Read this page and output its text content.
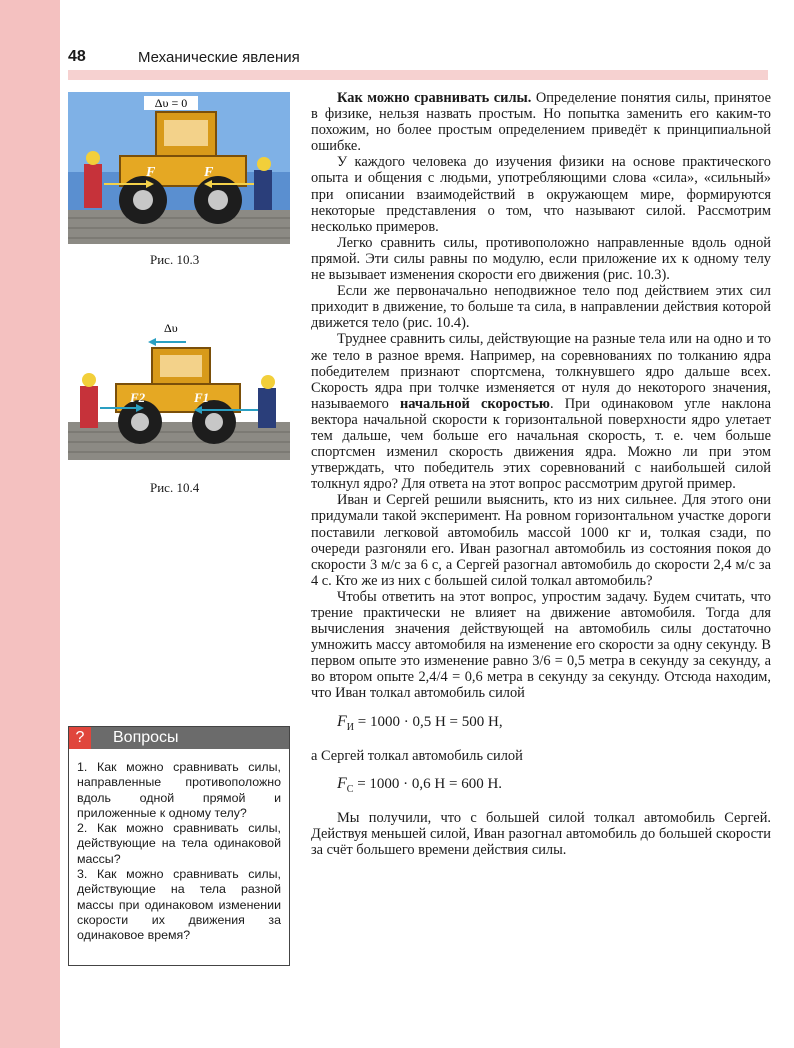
48	Механические явления
Δυ = 0
F	F
Рис. 10.3
Δυ
F2	F1
Рис. 10.4
?	Вопросы

1. Как можно сравнивать силы, направленные противоположно вдоль одной прямой и приложенные к одному телу?

2. Как можно сравнивать силы, действующие на тела одинаковой массы?

3. Как можно сравнивать силы, действующие на тела разной массы при одинаковом изменении скорости их движения за одинаковое время?

Как можно сравнивать силы. Определение понятия силы, принятое в физике, нельзя назвать простым. Но попытка заменить его каким-то похожим, но более простым определением приведёт к принципиальной ошибке.

У каждого человека до изучения физики на основе практического опыта и общения с людьми, употребляющими слова «сила», «сильный» при описании взаимодействий в окружающем мире, формируются некоторые представления о том, что называют силой. Рассмотрим несколько примеров.

Легко сравнить силы, противоположно направленные вдоль одной прямой. Эти силы равны по модулю, если приложение их к одному телу не вызывает изменения скорости его движения (рис. 10.3).

Если же первоначально неподвижное тело под действием этих сил приходит в движение, то больше та сила, в направлении действия которой движется тело (рис. 10.4).

Труднее сравнить силы, действующие на разные тела или на одно и то же тело в разное время. Например, на соревнованиях по толканию ядра победителем признают спортсмена, толкнувшего ядро дальше всех. Скорость ядра при толчке изменяется от нуля до некоторого значения, называемого начальной скоростью. При одинаковом угле наклона вектора начальной скорости к горизонтальной поверхности ядро улетает тем дальше, чем больше его начальная скорость, т. е. чем больше спортсмен изменил скорость движения ядра. Можно ли при этом утверждать, что победитель этих соревнований с наибольшей силой толкнул ядро? Для ответа на этот вопрос рассмотрим другой пример.

Иван и Сергей решили выяснить, кто из них сильнее. Для этого они придумали такой эксперимент. На ровном горизонтальном участке дороги поставили легковой автомобиль массой 1000 кг и, толкая сзади, по очереди разгоняли его. Иван разогнал автомобиль из состояния покоя до скорости 3 м/с за 6 с, а Сергей разогнал автомобиль до скорости 2,4 м/с за 4 с. Кто же из них с большей силой толкал автомобиль?

Чтобы ответить на этот вопрос, упростим задачу. Будем считать, что трение практически не влияет на движение автомобиля. Тогда для вычисления значения действующей на автомобиль силы достаточно умножить массу автомобиля на изменение его скорости за одну секунду. В первом опыте это изменение равно 3/6 = 0,5 метра в секунду за секунду, а во втором опыте 2,4/4 = 0,6 метра в секунду за секунду. Отсюда находим, что Иван толкал автомобиль силой

$F_И = 1000 \cdot 0,5$ Н = 500 Н,

а Сергей толкал автомобиль силой

$F_С = 1000 \cdot 0,6$ Н = 600 Н.

Мы получили, что с большей силой толкал автомобиль Сергей. Действуя меньшей силой, Иван разогнал автомобиль до большей скорости за счёт большего времени действия силы.
